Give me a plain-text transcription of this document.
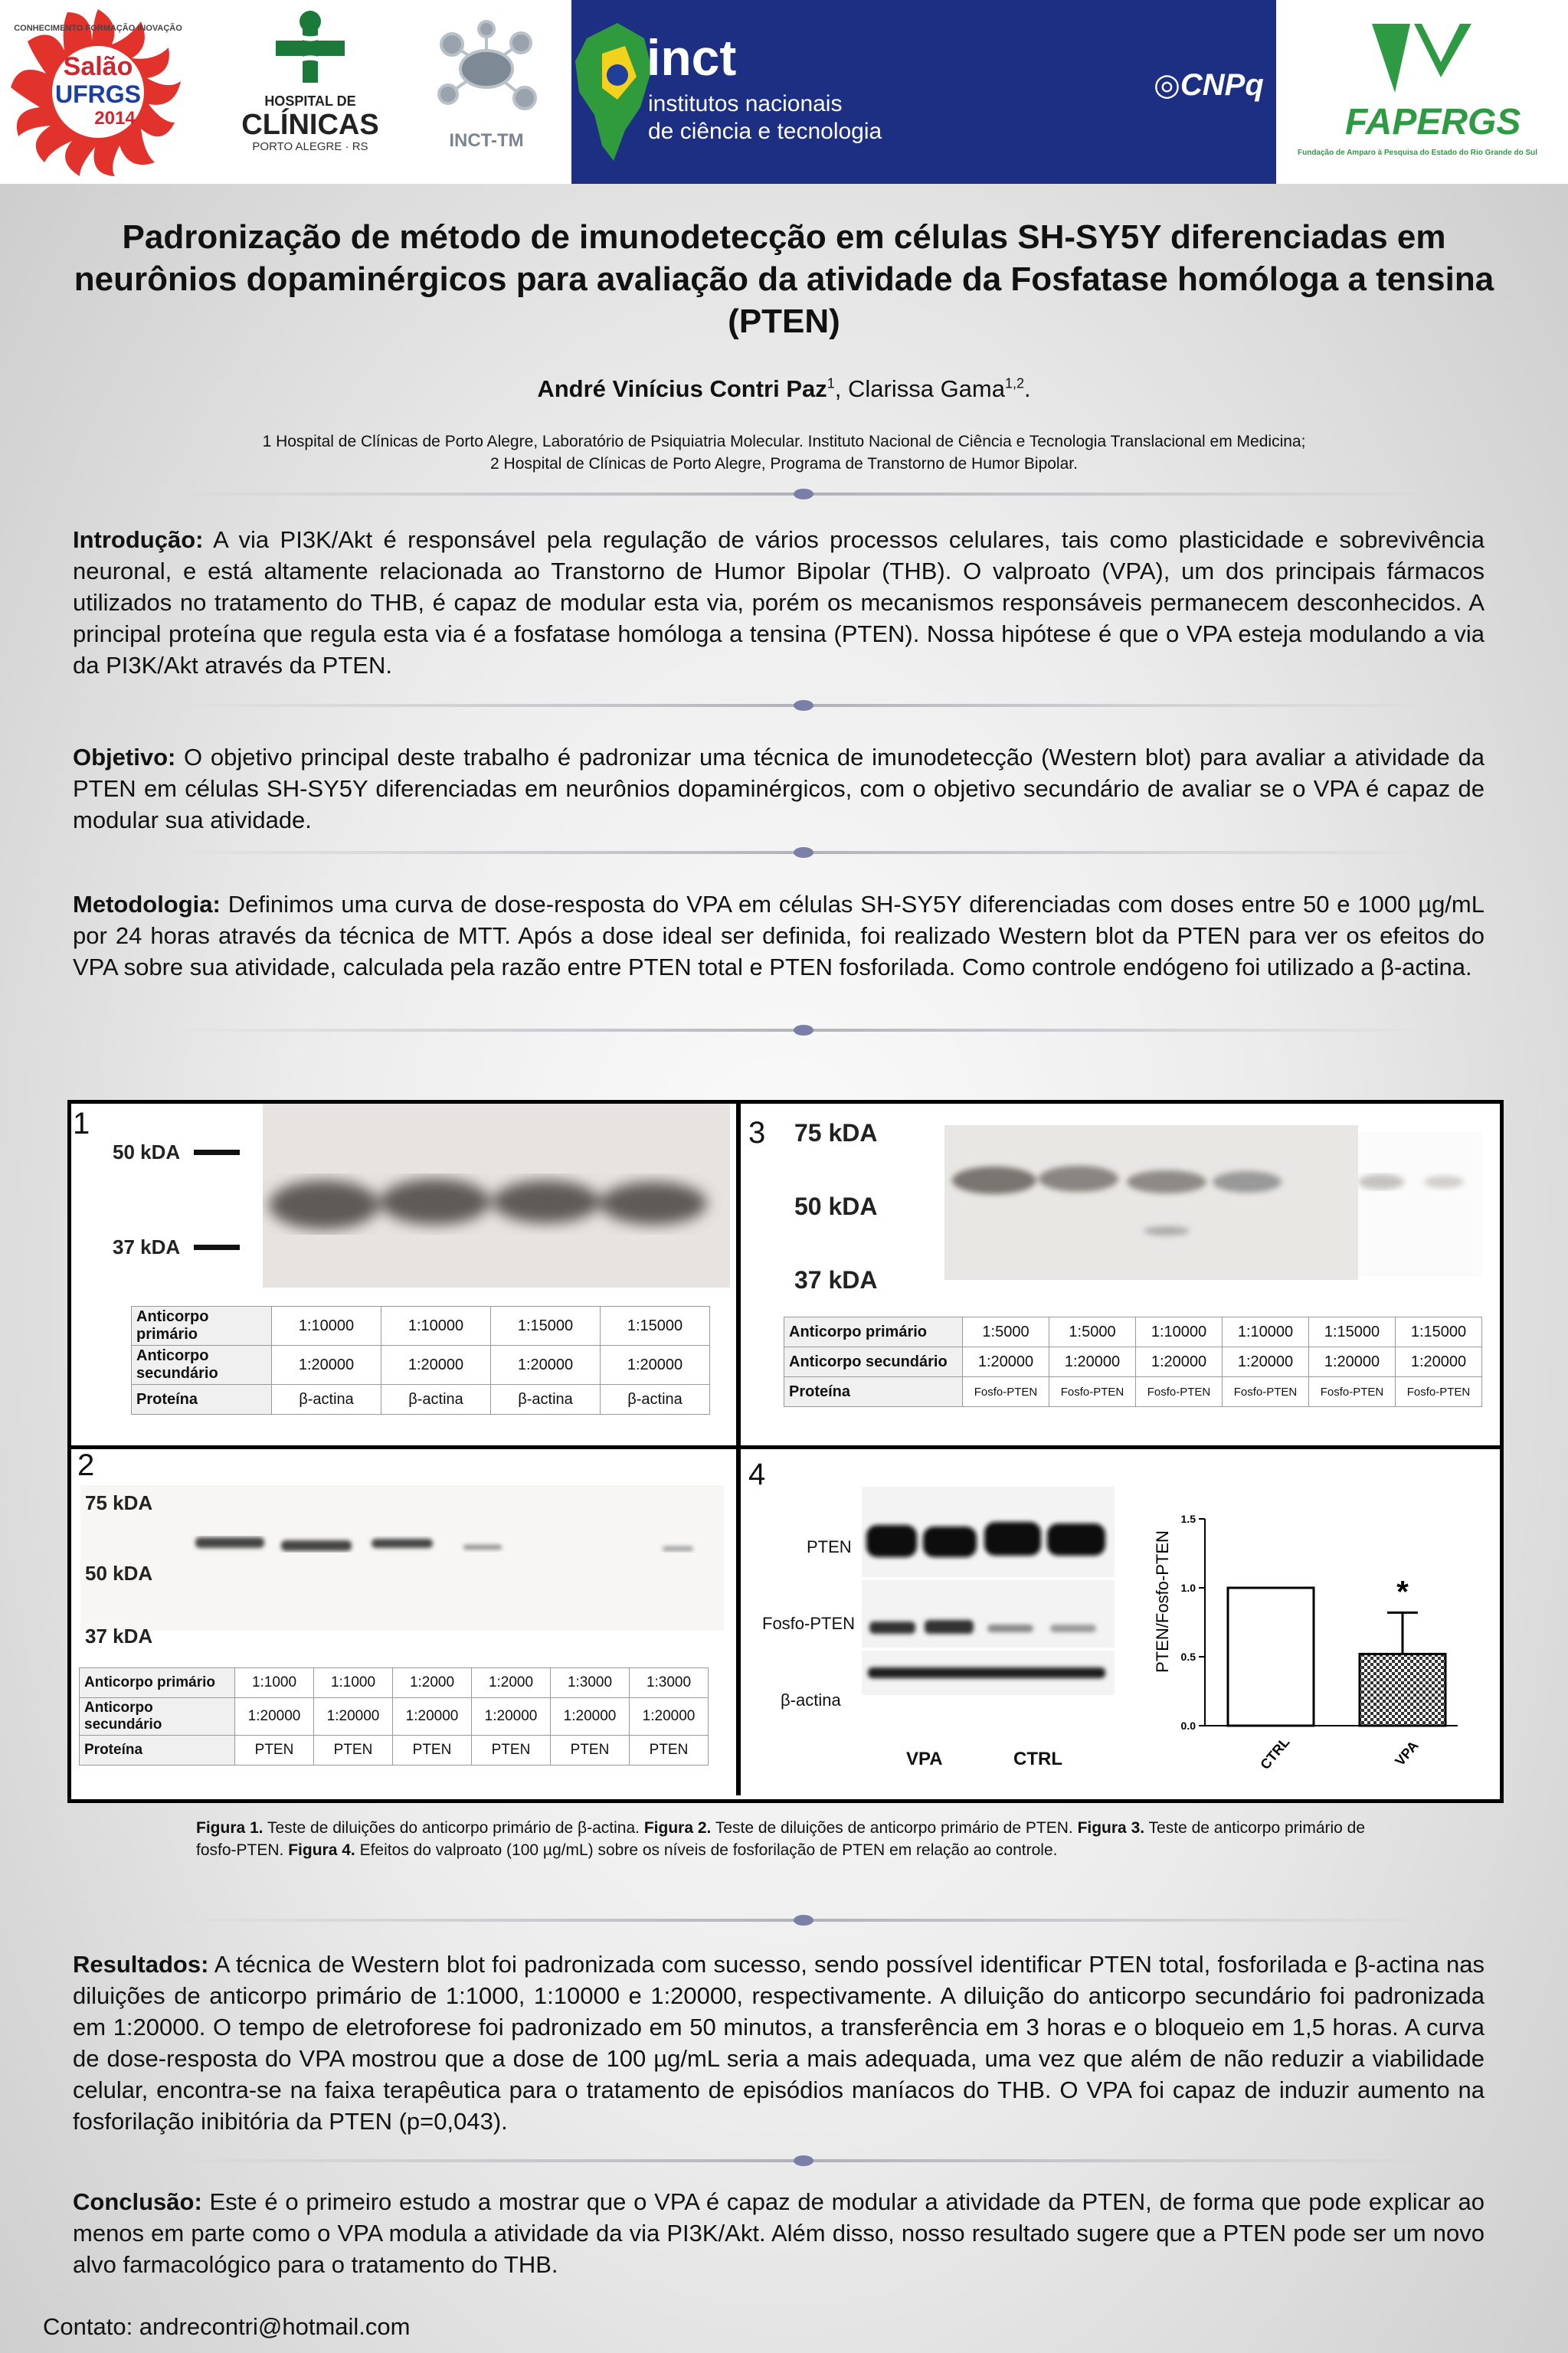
Salão
UFRGS
2014
CONHECIMENTO FORMAÇÃO INOVAÇÃO
HOSPITAL DE
CLÍNICAS
PORTO ALEGRE · RS	INCT-TM
inct
institutos nacionais
de ciência e tecnologia
◎CNPq
FAPERGS
Fundação de Amparo à Pesquisa do Estado do Rio Grande do Sul
Padronização de método de imunodetecção em células SH-SY5Y diferenciadas em neurônios dopaminérgicos para avaliação da atividade da Fosfatase homóloga a tensina (PTEN)
André Vinícius Contri Paz$^1$, Clarissa Gama$^{1,2}$.
1 Hospital de Clínicas de Porto Alegre, Laboratório de Psiquiatria Molecular. Instituto Nacional de Ciência e Tecnologia Translacional em Medicina;
2 Hospital de Clínicas de Porto Alegre, Programa de Transtorno de Humor Bipolar.
Introdução: A via PI3K/Akt é responsável pela regulação de vários processos celulares, tais como plasticidade e sobrevivência neuronal, e está altamente relacionada ao Transtorno de Humor Bipolar (THB). O valproato (VPA), um dos principais fármacos utilizados no tratamento do THB, é capaz de modular esta via, porém os mecanismos responsáveis permanecem desconhecidos. A principal proteína que regula esta via é a fosfatase homóloga a tensina (PTEN). Nossa hipótese é que o VPA esteja modulando a via da PI3K/Akt através da PTEN.
Objetivo: O objetivo principal deste trabalho é padronizar uma técnica de imunodetecção (Western blot) para avaliar a atividade da PTEN em células SH-SY5Y diferenciadas em neurônios dopaminérgicos, com o objetivo secundário de avaliar se o VPA é capaz de modular sua atividade.
Metodologia: Definimos uma curva de dose-resposta do VPA em células SH-SY5Y diferenciadas com doses entre 50 e 1000 µg/mL por 24 horas através da técnica de MTT. Após a dose ideal ser definida, foi realizado Western blot da PTEN para ver os efeitos do VPA sobre sua atividade, calculada pela razão entre PTEN total e PTEN fosforilada. Como controle endógeno foi utilizado a β-actina.
1
50 kDA
37 kDA
Anticorpo primário	1:10000	1:10000	1:15000	1:15000
Anticorpo secundário	1:20000	1:20000	1:20000	1:20000
Proteína	β-actina	β-actina	β-actina	β-actina
2
75 kDA
50 kDA
37 kDA
Anticorpo primário	1:1000	1:1000	1:2000	1:2000	1:3000	1:3000
Anticorpo secundário	1:20000	1:20000	1:20000	1:20000	1:20000	1:20000
Proteína	PTEN	PTEN	PTEN	PTEN	PTEN	PTEN
3 75 kDA
50 kDA
37 kDA
Anticorpo primário	1:5000	1:5000	1:10000	1:10000	1:15000	1:15000
Anticorpo secundário	1:20000	1:20000	1:20000	1:20000	1:20000	1:20000
Proteína	Fosfo-PTEN	Fosfo-PTEN	Fosfo-PTEN	Fosfo-PTEN	Fosfo-PTEN	Fosfo-PTEN
4
PTEN
Fosfo-PTEN
β-actina
VPA	CTRL
PTEN/Fosfo-PTEN
0.0
0.5
1.0
1.5
*
CTRL	VPA
Figura 1. Teste de diluições do anticorpo primário de β-actina. Figura 2. Teste de diluições de anticorpo primário de PTEN. Figura 3. Teste de anticorpo primário de fosfo-PTEN. Figura 4. Efeitos do valproato (100 µg/mL) sobre os níveis de fosforilação de PTEN em relação ao controle.
Resultados: A técnica de Western blot foi padronizada com sucesso, sendo possível identificar PTEN total, fosforilada e β-actina nas diluições de anticorpo primário de 1:1000, 1:10000 e 1:20000, respectivamente. A diluição do anticorpo secundário foi padronizada em 1:20000. O tempo de eletroforese foi padronizado em 50 minutos, a transferência em 3 horas e o bloqueio em 1,5 horas. A curva de dose-resposta do VPA mostrou que a dose de 100 µg/mL seria a mais adequada, uma vez que além de não reduzir a viabilidade celular, encontra-se na faixa terapêutica para o tratamento de episódios maníacos do THB. O VPA foi capaz de induzir aumento na fosforilação inibitória da PTEN (p=0,043).
Conclusão: Este é o primeiro estudo a mostrar que o VPA é capaz de modular a atividade da PTEN, de forma que pode explicar ao menos em parte como o VPA modula a atividade da via PI3K/Akt. Além disso, nosso resultado sugere que a PTEN pode ser um novo alvo farmacológico para o tratamento do THB.
Contato: andrecontri@hotmail.com
